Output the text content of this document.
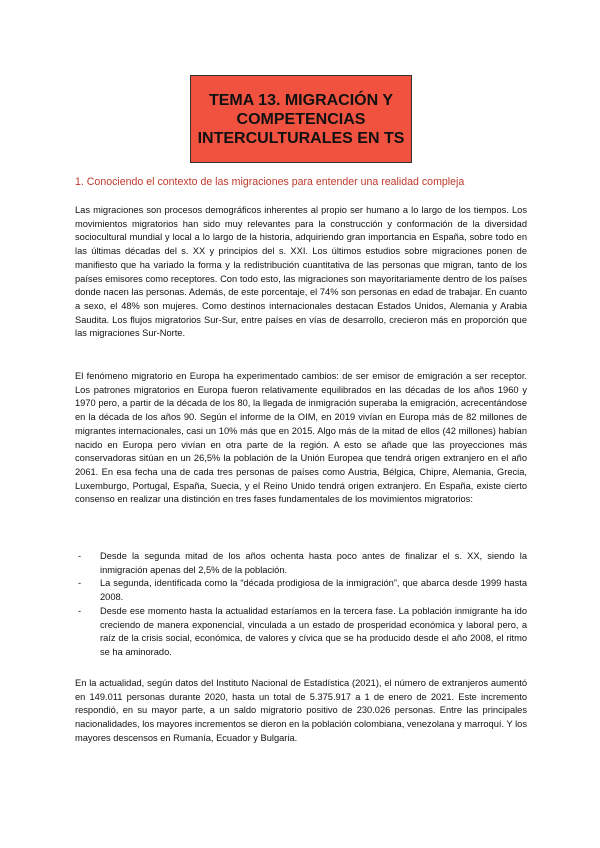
TEMA 13. MIGRACIÓN Y
COMPETENCIAS
INTERCULTURALES EN TS
1. Conociendo el contexto de las migraciones para entender una realidad compleja

Las migraciones son procesos demográficos inherentes al propio ser humano a lo largo de los tiempos. Los movimientos migratorios han sido muy relevantes para la construcción y conformación de la diversidad sociocultural mundial y local a lo largo de la historia, adquiriendo gran importancia en España, sobre todo en las últimas décadas del s. XX y principios del s. XXI. Los últimos estudios sobre migraciones ponen de manifiesto que ha variado la forma y la redistribución cuantitativa de las personas que migran, tanto de los países emisores como receptores. Con todo esto, las migraciones son mayoritariamente dentro de los países donde nacen las personas. Además, de este porcentaje, el 74% son personas en edad de trabajar. En cuanto a sexo, el 48% son mujeres. Como destinos internacionales destacan Estados Unidos, Alemania y Arabia Saudita. Los flujos migratorios Sur-Sur, entre países en vías de desarrollo, crecieron más en proporción que las migraciones Sur-Norte.

El fenómeno migratorio en Europa ha experimentado cambios: de ser emisor de emigración a ser receptor. Los patrones migratorios en Europa fueron relativamente equilibrados en las décadas de los años 1960 y 1970 pero, a partir de la década de los 80, la llegada de inmigración superaba la emigración, acrecentándose en la década de los años 90. Según el informe de la OIM, en 2019 vivían en Europa más de 82 millones de migrantes internacionales, casi un 10% más que en 2015. Algo más de la mitad de ellos (42 millones) habían nacido en Europa pero vivían en otra parte de la región. A esto se añade que las proyecciones más conservadoras sitúan en un 26,5% la población de la Unión Europea que tendrá origen extranjero en el año 2061. En esa fecha una de cada tres personas de países como Austria, Bélgica, Chipre, Alemania, Grecia, Luxemburgo, Portugal, España, Suecia, y el Reino Unido tendrá origen extranjero. En España, existe cierto consenso en realizar una distinción en tres fases fundamentales de los movimientos migratorios:

- Desde la segunda mitad de los años ochenta hasta poco antes de finalizar el s. XX, siendo la inmigración apenas del 2,5% de la población.
- La segunda, identificada como la “década prodigiosa de la inmigración”, que abarca desde 1999 hasta 2008.
- Desde ese momento hasta la actualidad estaríamos en la tercera fase. La población inmigrante ha ido creciendo de manera exponencial, vinculada a un estado de prosperidad económica y laboral pero, a raíz de la crisis social, económica, de valores y cívica que se ha producido desde el año 2008, el ritmo se ha aminorado.

En la actualidad, según datos del Instituto Nacional de Estadística (2021), el número de extranjeros aumentó en 149.011 personas durante 2020, hasta un total de 5.375.917 a 1 de enero de 2021. Este incremento respondió, en su mayor parte, a un saldo migratorio positivo de 230.026 personas. Entre las principales nacionalidades, los mayores incrementos se dieron en la población colombiana, venezolana y marroquí. Y los mayores descensos en Rumanía, Ecuador y Bulgaria.
